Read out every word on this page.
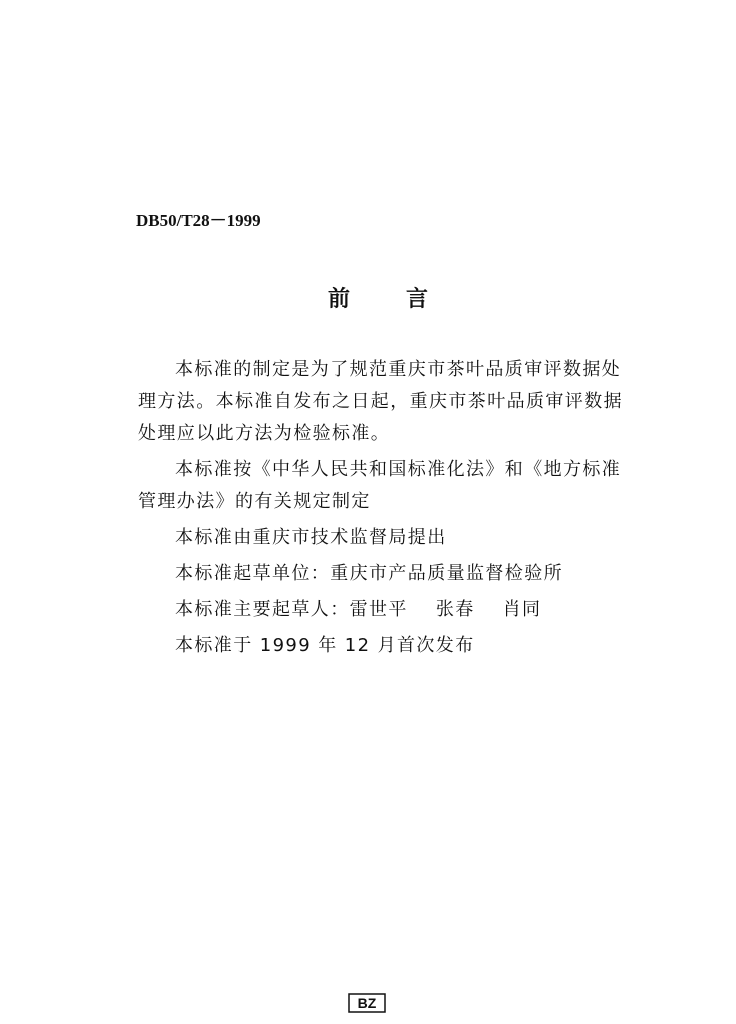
DB50/T28－1999
前	言

本标准的制定是为了规范重庆市茶叶品质审评数据处理方法。本标准自发布之日起，重庆市茶叶品质审评数据处理应以此方法为检验标准。

本标准按《中华人民共和国标准化法》和《地方标准管理办法》的有关规定制定

本标准由重庆市技术监督局提出
本标准起草单位：重庆市产品质量监督检验所
本标准主要起草人：雷世平 张春 肖同
本标准于 1999 年 12 月首次发布
BZ
